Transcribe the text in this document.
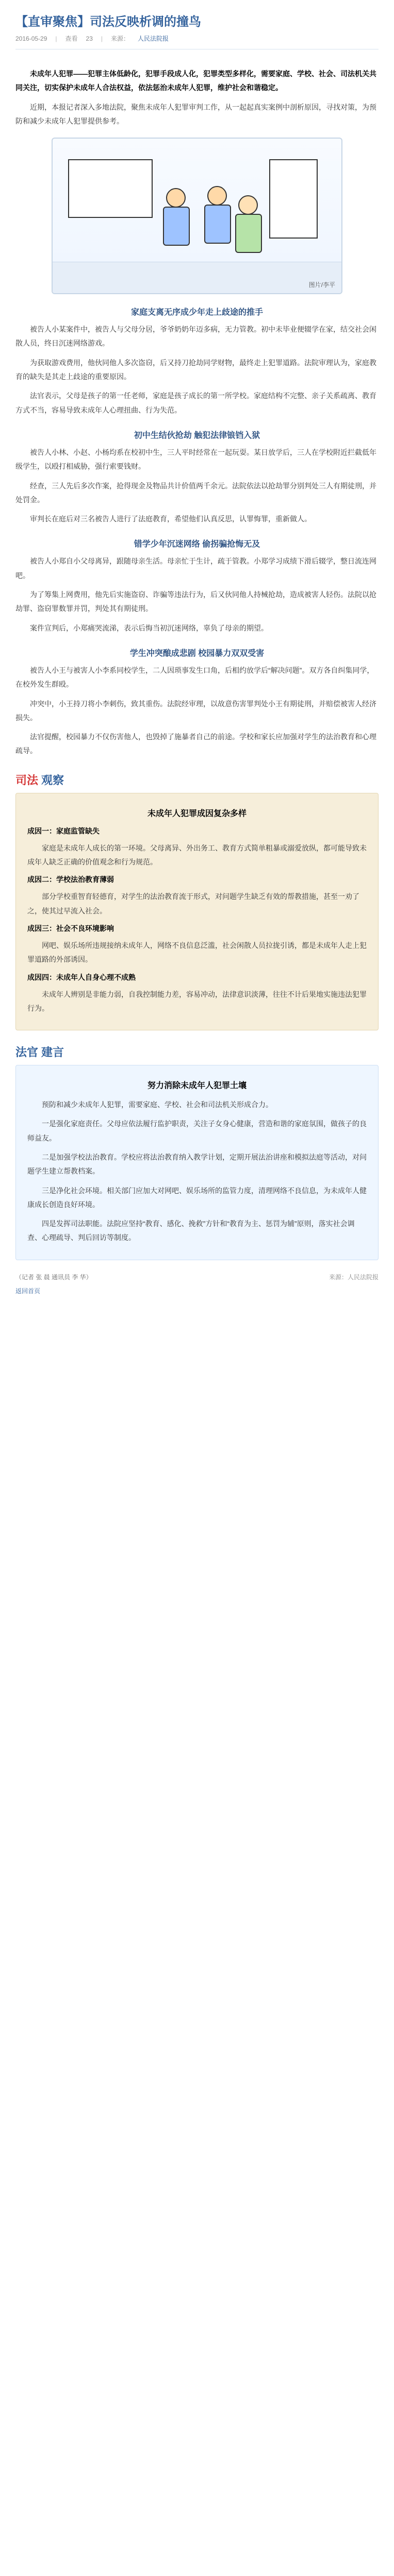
【直审聚焦】司法反映析调的撞鸟
2016-05-29 | 查看 23 | 来源： 人民法院报

未成年人犯罪——犯罪主体低龄化，犯罪手段成人化，犯罪类型多样化，需要家庭、学校、社会、司法机关共同关注，切实保护未成年人合法权益，依法惩治未成年人犯罪，维护社会和谐稳定。

近期，本报记者深入多地法院，聚焦未成年人犯罪审判工作，从一起起真实案例中剖析原因，寻找对策，为预防和减少未成年人犯罪提供参考。

图片/李平
家庭支离无序成少年走上歧途的推手

被告人小某案件中，被告人与父母分居，爷爷奶奶年迈多病，无力管教。初中未毕业便辍学在家，结交社会闲散人员，终日沉迷网络游戏。

为获取游戏费用，他伙同他人多次盗窃，后又持刀抢劫同学财物，最终走上犯罪道路。法院审理认为，家庭教育的缺失是其走上歧途的重要原因。

法官表示，父母是孩子的第一任老师，家庭是孩子成长的第一所学校。家庭结构不完整、亲子关系疏离、教育方式不当，容易导致未成年人心理扭曲、行为失范。

初中生结伙抢劫 触犯法律锒铛入狱

被告人小林、小赵、小杨均系在校初中生，三人平时经常在一起玩耍。某日放学后，三人在学校附近拦截低年级学生，以殴打相威胁，强行索要钱财。

经查，三人先后多次作案，抢得现金及物品共计价值两千余元。法院依法以抢劫罪分别判处三人有期徒刑，并处罚金。

审判长在庭后对三名被告人进行了法庭教育，希望他们认真反思，认罪悔罪，重新做人。

错学少年沉迷网络 偷拐骗抢悔无及

被告人小郑自小父母离异，跟随母亲生活。母亲忙于生计，疏于管教。小郑学习成绩下滑后辍学，整日流连网吧。

为了筹集上网费用，他先后实施盗窃、诈骗等违法行为，后又伙同他人持械抢劫，造成被害人轻伤。法院以抢劫罪、盗窃罪数罪并罚，判处其有期徒刑。

案件宣判后，小郑痛哭流涕，表示后悔当初沉迷网络，辜负了母亲的期望。

学生冲突酿成悲剧 校园暴力双双受害

被告人小王与被害人小李系同校学生，二人因琐事发生口角，后相约放学后“解决问题”。双方各自纠集同学，在校外发生群殴。

冲突中，小王持刀将小李刺伤，致其重伤。法院经审理，以故意伤害罪判处小王有期徒刑，并赔偿被害人经济损失。

法官提醒，校园暴力不仅伤害他人，也毁掉了施暴者自己的前途。学校和家长应加强对学生的法治教育和心理疏导。

司法 观察
未成年人犯罪成因复杂多样
成因一：家庭监管缺失

家庭是未成年人成长的第一环境。父母离异、外出务工、教育方式简单粗暴或溺爱放纵，都可能导致未成年人缺乏正确的价值观念和行为规范。

成因二：学校法治教育薄弱

部分学校重智育轻德育，对学生的法治教育流于形式，对问题学生缺乏有效的帮教措施，甚至一劝了之，使其过早流入社会。

成因三：社会不良环境影响

网吧、娱乐场所违规接纳未成年人，网络不良信息泛滥，社会闲散人员拉拢引诱，都是未成年人走上犯罪道路的外部诱因。

成因四：未成年人自身心理不成熟

未成年人辨别是非能力弱，自我控制能力差，容易冲动，法律意识淡薄，往往不计后果地实施违法犯罪行为。

法官 建言
努力消除未成年人犯罪土壤

预防和减少未成年人犯罪，需要家庭、学校、社会和司法机关形成合力。

一是强化家庭责任。父母应依法履行监护职责，关注子女身心健康，营造和谐的家庭氛围，做孩子的良师益友。

二是加强学校法治教育。学校应将法治教育纳入教学计划，定期开展法治讲座和模拟法庭等活动，对问题学生建立帮教档案。

三是净化社会环境。相关部门应加大对网吧、娱乐场所的监管力度，清理网络不良信息，为未成年人健康成长创造良好环境。

四是发挥司法职能。法院应坚持“教育、感化、挽救”方针和“教育为主、惩罚为辅”原则，落实社会调查、心理疏导、判后回访等制度。

（记者 张 晨 通讯员 李 华）	来源：人民法院报
返回首页
